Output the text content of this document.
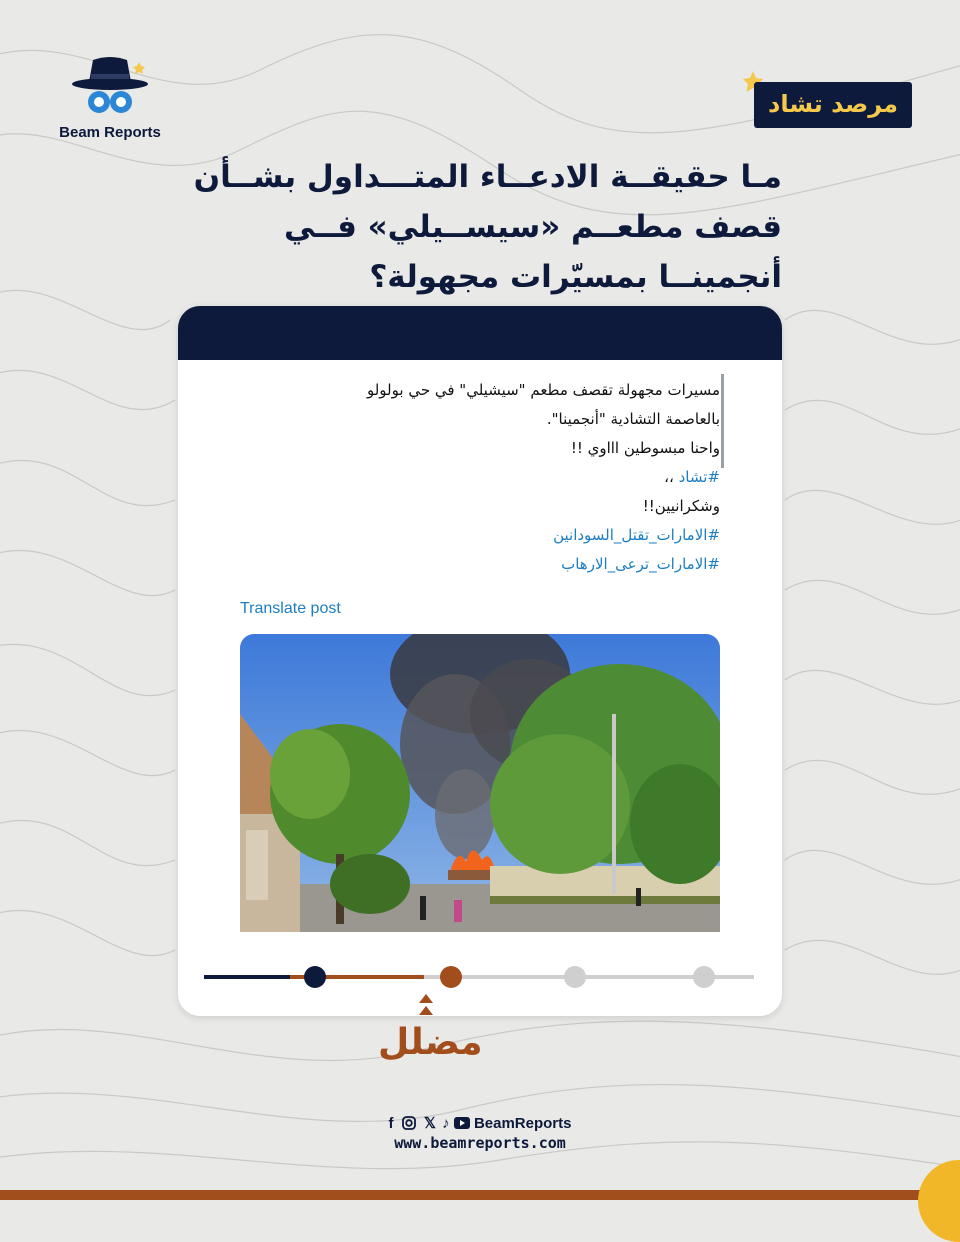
Beam Reports
مرصد تشاد
مـا حقيقــة الادعــاء المتـــداول بشــأن قصف مطعــم «سيســيلي» فــي أنجمينــا بمسيّرات مجهولة؟
مسيرات مجهولة تقصف مطعم "سيشيلي" في حي بولولو
بالعاصمة التشادية "أنجمينا".
واحنا مبسوطين اااوي !!
#تشاد ،،
وشكرانيين!!
#الامارات_تقتل_السودانين
#الامارات_ترعى_الارهاب
Translate post
مضلل
f 𝕏 ♪ BeamReports
www.beamreports.com
